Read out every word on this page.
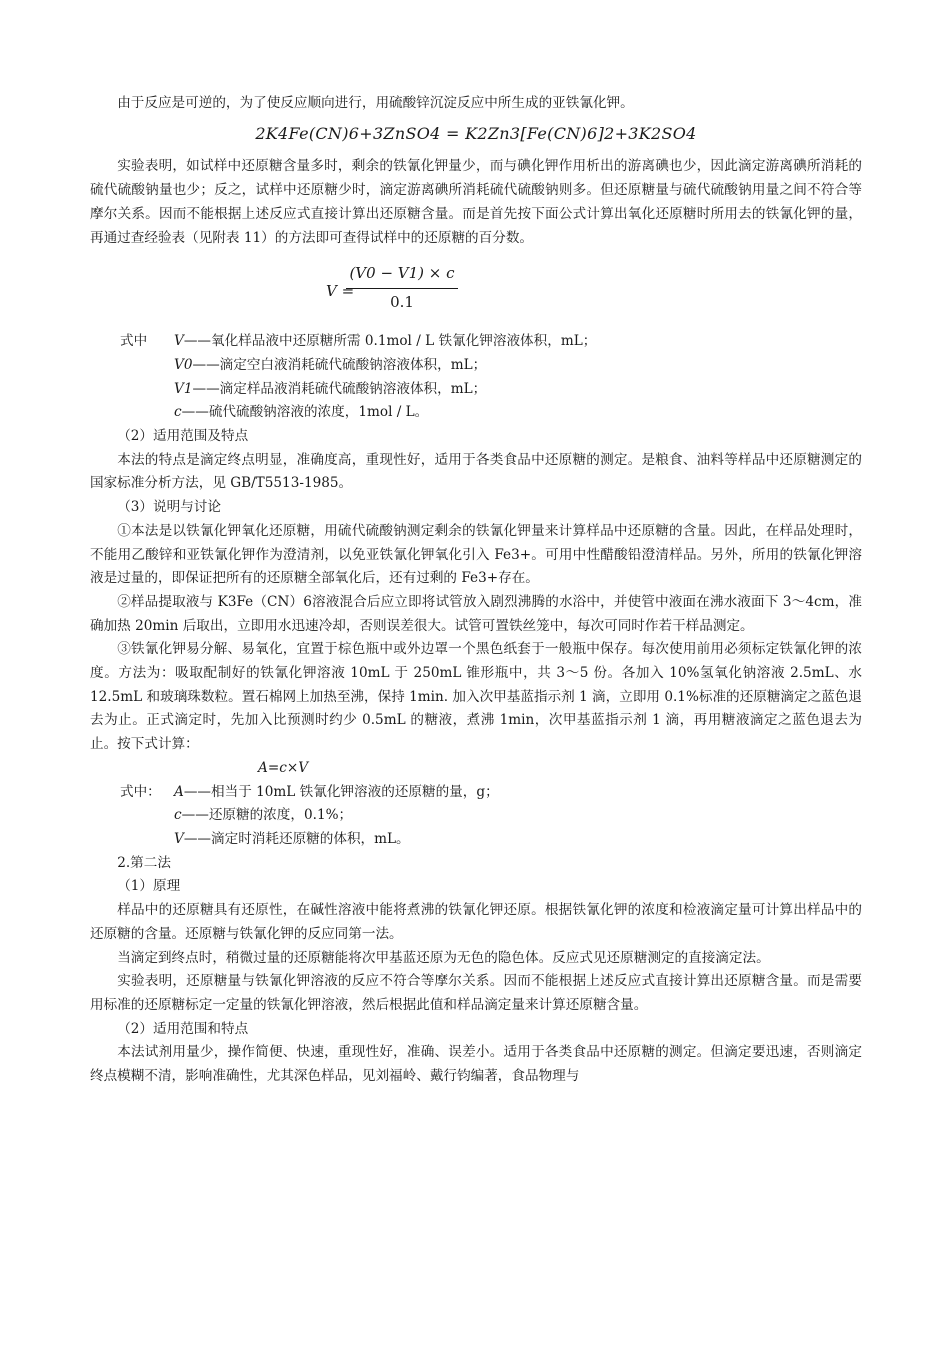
由于反应是可逆的，为了使反应顺向进行，用硫酸锌沉淀反应中所生成的亚铁氰化钾。

2K4Fe(CN)6+3ZnSO4 = K2Zn3[Fe(CN)6]2+3K2SO4

实验表明，如试样中还原糖含量多时，剩余的铁氰化钾量少，而与碘化钾作用析出的游离碘也少，因此滴定游离碘所消耗的硫代硫酸钠量也少；反之，试样中还原糖少时，滴定游离碘所消耗硫代硫酸钠则多。但还原糖量与硫代硫酸钠用量之间不符合等摩尔关系。因而不能根据上述反应式直接计算出还原糖含量。而是首先按下面公式计算出氧化还原糖时所用去的铁氰化钾的量，再通过查经验表（见附表 11）的方法即可查得试样中的还原糖的百分数。

V =
$\frac{(V0 - V1) \times c}{0.1}$

式中 V——氧化样品液中还原糖所需 0.1mol / L 铁氰化钾溶液体积，mL；

V0——滴定空白液消耗硫代硫酸钠溶液体积，mL；

V1——滴定样品液消耗硫代硫酸钠溶液体积，mL；

c——硫代硫酸钠溶液的浓度，1mol / L。

（2）适用范围及特点

本法的特点是滴定终点明显，准确度高，重现性好，适用于各类食品中还原糖的测定。是粮食、油料等样品中还原糖测定的国家标准分析方法，见 GB/T5513-1985。

（3）说明与讨论

①本法是以铁氰化钾氧化还原糖，用硫代硫酸钠测定剩余的铁氰化钾量来计算样品中还原糖的含量。因此，在样品处理时，不能用乙酸锌和亚铁氰化钾作为澄清剂，以免亚铁氰化钾氧化引入 Fe3+。可用中性醋酸铅澄清样品。另外，所用的铁氰化钾溶液是过量的，即保证把所有的还原糖全部氧化后，还有过剩的 Fe3+存在。

②样品提取液与 K3Fe（CN）6溶液混合后应立即将试管放入剧烈沸腾的水浴中，并使管中液面在沸水液面下 3～4cm，准确加热 20min 后取出，立即用水迅速冷却，否则误差很大。试管可置铁丝笼中，每次可同时作若干样品测定。

③铁氰化钾易分解、易氧化，宜置于棕色瓶中或外边罩一个黑色纸套于一般瓶中保存。每次使用前用必须标定铁氰化钾的浓度。方法为：吸取配制好的铁氰化钾溶液 10mL 于 250mL 锥形瓶中，共 3～5 份。各加入 10%氢氧化钠溶液 2.5mL、水 12.5mL 和玻璃珠数粒。置石棉网上加热至沸，保持 1min. 加入次甲基蓝指示剂 1 滴，立即用 0.1%标准的还原糖滴定之蓝色退去为止。正式滴定时，先加入比预测时约少 0.5mL 的糖液，煮沸 1min，次甲基蓝指示剂 1 滴，再用糖液滴定之蓝色退去为止。按下式计算：

A=c×V

式中： A——相当于 10mL 铁氰化钾溶液的还原糖的量，g；

c——还原糖的浓度，0.1%；

V——滴定时消耗还原糖的体积，mL。

2.第二法

（1）原理

样品中的还原糖具有还原性，在碱性溶液中能将煮沸的铁氰化钾还原。根据铁氰化钾的浓度和检液滴定量可计算出样品中的还原糖的含量。还原糖与铁氰化钾的反应同第一法。

当滴定到终点时，稍微过量的还原糖能将次甲基蓝还原为无色的隐色体。反应式见还原糖测定的直接滴定法。

实验表明，还原糖量与铁氰化钾溶液的反应不符合等摩尔关系。因而不能根据上述反应式直接计算出还原糖含量。而是需要用标准的还原糖标定一定量的铁氰化钾溶液，然后根据此值和样品滴定量来计算还原糖含量。

（2）适用范围和特点

本法试剂用量少，操作简便、快速，重现性好，准确、误差小。适用于各类食品中还原糖的测定。但滴定要迅速，否则滴定终点模糊不清，影响准确性，尤其深色样品，见刘福岭、戴行钧编著，食品物理与
